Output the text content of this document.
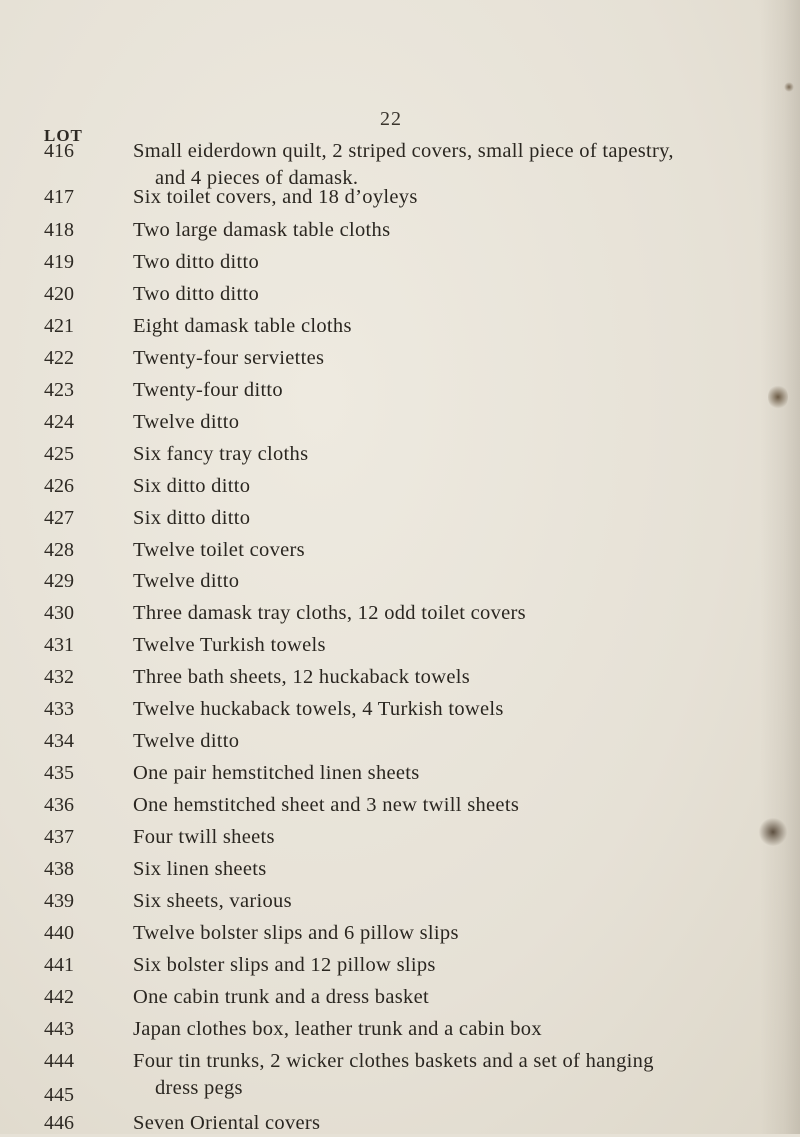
22
LOT
416	Small eiderdown quilt, 2 striped covers, small piece of tapestry,
and 4 pieces of damask.
417	Six toilet covers, and 18 d’oyleys
418	Two large damask table cloths
419	Two ditto ditto
420	Two ditto ditto
421	Eight damask table cloths
422	Twenty-four serviettes
423	Twenty-four ditto
424	Twelve ditto
425	Six fancy tray cloths
426	Six ditto ditto
427	Six ditto ditto
428	Twelve toilet covers
429	Twelve ditto
430	Three damask tray cloths, 12 odd toilet covers
431	Twelve Turkish towels
432	Three bath sheets, 12 huckaback towels
433	Twelve huckaback towels, 4 Turkish towels
434	Twelve ditto
435	One pair hemstitched linen sheets
436	One hemstitched sheet and 3 new twill sheets
437	Four twill sheets
438	Six linen sheets
439	Six sheets, various
440	Twelve bolster slips and 6 pillow slips
441	Six bolster slips and 12 pillow slips
442	One cabin trunk and a dress basket
443	Japan clothes box, leather trunk and a cabin box
444	Four tin trunks, 2 wicker clothes baskets and a set of hanging
dress pegs
445
446	Seven Oriental covers
